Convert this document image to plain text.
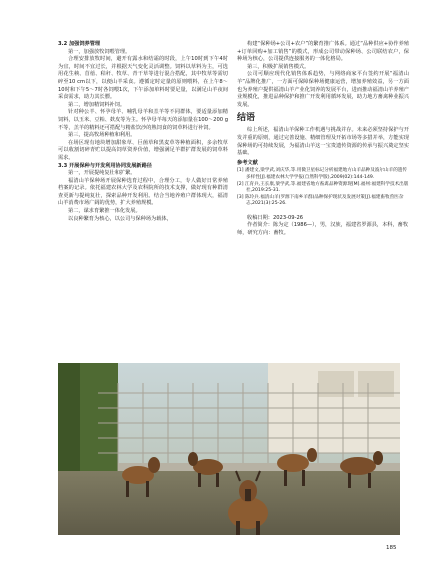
3.2 加强饲养管理

第一，加强放牧饲喂管理。

合理安排放牧时间，避开有露水和结霜的时段，上午10时到下午4时为宜，时间不宜过长，并根据天气变化灵活调整。饲料以草料为主，可选用花生秧、苜蓿、秸秆、牧草、青干草等进行混合搭配，其中牧草等需切碎至10 cm以下，以便山羊采食。遵循定时定量的原则喂料，在上午8～10时和下午5～7时各饲喂1次，下午添加单料时要足量，以满足山羊夜间采食需求，助力其长膘。

第二，增加精饲料补饲。

针对种公羊、怀孕母羊、哺乳母羊和羔羊等不同群体，要适量添加精饲料，以玉米、豆粕、麸皮等为主。怀孕母羊每天的添加量在100～200 g不等，羔羊的精料还可搭配与精盐饮沙的熟饲食的饲草料进行补饲。

第三，提高牧场种植和利用。

在场区现有地块增加甜象草、巨菌草和黑麦草等种植面积，多余牧草可以收割切碎青贮以提高饲草资养价值，增强满足羊群扩群发展的饲草料需求。

3.3 开展保种与开发利用协同发展新路径

第一，开展提纯复壮和扩繁。

福清山羊保种场开展保种选育过程中，合理分工，专人做好日常养殖档案的记录。依托福建农林大学及农科院所的技术支撑，做好现有种群清查更新与提纯复壮，探索品种开发利用。结合当地养殖户群体现大，福清山羊消费市场广阔的优势，扩大养殖规模。

第二，谋求育繁推一体化发展。

以良种繁育为核心，以公司与保种场为载体，

构建“保种场+公司+农户”的繁育推广体系。通过“品种供应+协作养殖+订单回购+加工销售”的模式，形成公司带动保种场、公司联结农户，保种场为核心，公司提供连接服务的一体化格局。

第三，积极扩展销售模式。

公司可顺应现代化销售体系趋势，与网络商家平台签约开展“福清山羊”品牌化推广，一方面可保障保种场健康运营，增加养殖效益，另一方面也为养殖户提供福清山羊产业化饲养的发展平台，进而推动福清山羊养殖产业规模化，推进品种保护和推广开发利用循环发展，助力地方畜禽种业振兴发展。

结语

综上所述，福清山羊保种工作机遇与挑战并存。未来必须坚持保护与开发并重的原则，通过完善设施、精细管理及开拓市场等多措并举，方能实现保种场的可持续发展，为福清山羊这一宝贵遗传资源的传承与振兴奠定坚实基础。

参考文献

[1] 潘建文,梁学武,刘庆华,等.用微卫星标记分析福建地方山羊品种及波尔山羊的遗传多样性[J].福建农林大学学报(自然科学版),2009(02):144-149.

[2] 江育兵,王长康,梁学武,等.福建省地方畜禽品种资源现[M].福州:福建科学技术出版社,2019:25-31.

[3] 陈玲兵.福清山羊(罗源下南乡羊群)品种保护现状及发展对策[J].福建畜牧兽医杂志,2021(3):25-26.

收稿日期：2023-09-26

作者简介：陈为定（1986—），男，汉族，福建省罗源县，本科，畜牧师，研究方向：畜牧。

185
